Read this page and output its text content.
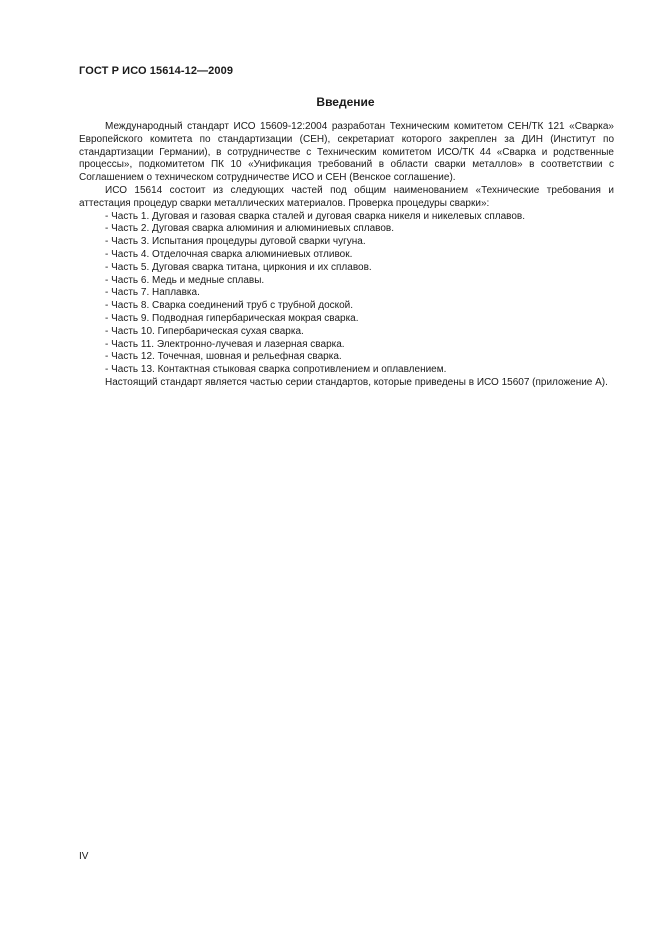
ГОСТ Р ИСО 15614-12—2009
Введение

Международный стандарт ИСО 15609-12:2004 разработан Техническим комитетом СЕН/ТК 121 «Сварка» Европейского комитета по стандартизации (СЕН), секретариат которого закреплен за ДИН (Институт по стандартизации Германии), в сотрудничестве с Техническим комитетом ИСО/ТК 44 «Сварка и родственные процессы», подкомитетом ПК 10 «Унификация требований в области сварки металлов» в соответствии с Соглашением о техническом сотрудничестве ИСО и СЕН (Венское соглашение).

ИСО 15614 состоит из следующих частей под общим наименованием «Технические требования и аттестация процедур сварки металлических материалов. Проверка процедуры сварки»:

- Часть 1. Дуговая и газовая сварка сталей и дуговая сварка никеля и никелевых сплавов.
- Часть 2. Дуговая сварка алюминия и алюминиевых сплавов.
- Часть 3. Испытания процедуры дуговой сварки чугуна.
- Часть 4. Отделочная сварка алюминиевых отливок.
- Часть 5. Дуговая сварка титана, циркония и их сплавов.
- Часть 6. Медь и медные сплавы.
- Часть 7. Наплавка.
- Часть 8. Сварка соединений труб с трубной доской.
- Часть 9. Подводная гипербарическая мокрая сварка.
- Часть 10. Гипербарическая сухая сварка.
- Часть 11. Электронно-лучевая и лазерная сварка.
- Часть 12. Точечная, шовная и рельефная сварка.
- Часть 13. Контактная стыковая сварка сопротивлением и оплавлением.

Настоящий стандарт является частью серии стандартов, которые приведены в ИСО 15607 (приложение А).

IV
